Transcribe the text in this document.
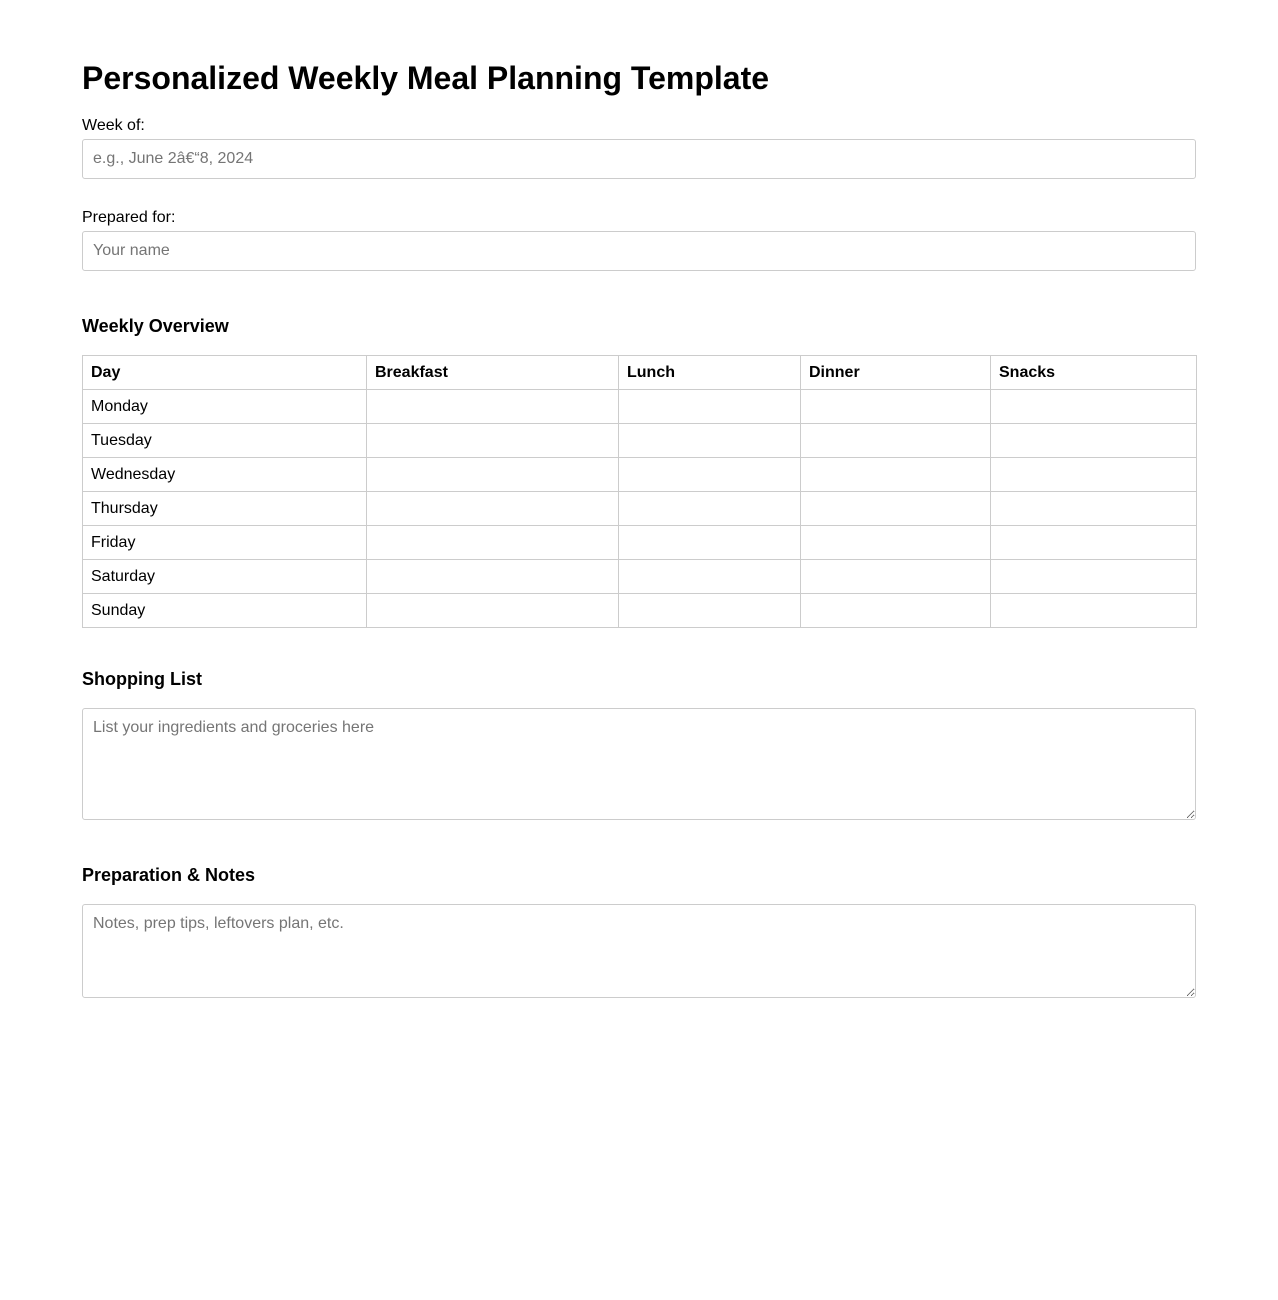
Personalized Weekly Meal Planning Template
Week of:
e.g., June 2â€“8, 2024
Prepared for:
Your name
Weekly Overview
Day	Breakfast	Lunch	Dinner	Snacks
Monday				
Tuesday				
Wednesday				
Thursday				
Friday				
Saturday				
Sunday				
Shopping List
List your ingredients and groceries here
Preparation & Notes
Notes, prep tips, leftovers plan, etc.
